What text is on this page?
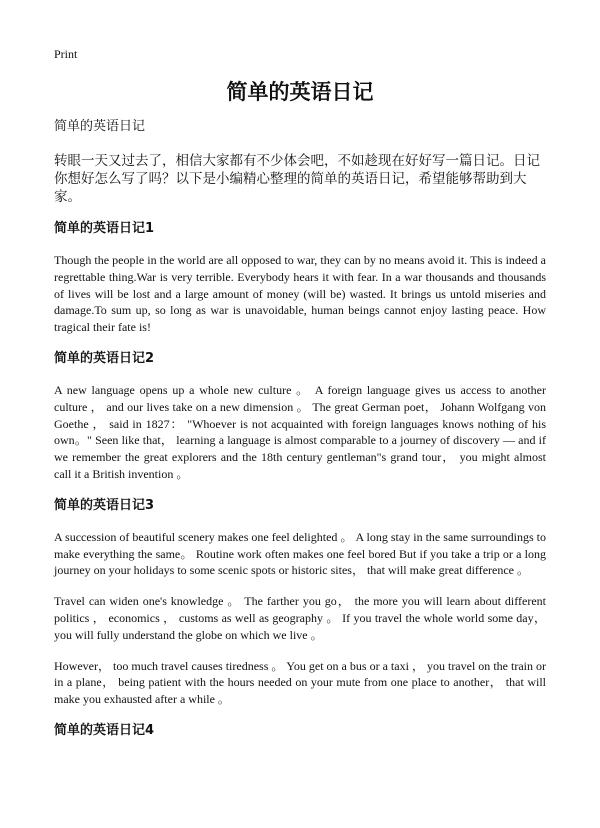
Print
简单的英语日记
简单的英语日记

转眼一天又过去了，相信大家都有不少体会吧，不如趁现在好好写一篇日记。日记你想好怎么写了吗？以下是小编精心整理的简单的英语日记，希望能够帮助到大家。

简单的英语日记1

Though the people in the world are all opposed to war, they can by no means avoid it. This is indeed a regrettable thing.War is very terrible. Everybody hears it with fear. In a war thousands and thousands of lives will be lost and a large amount of money (will be) wasted. It brings us untold miseries and damage.To sum up, so long as war is unavoidable, human beings cannot enjoy lasting peace. How tragical their fate is!

简单的英语日记2

A new language opens up a whole new culture 。 A foreign language gives us access to another culture ， and our lives take on a new dimension 。 The great German poet， Johann Wolfgang von Goethe ， said in 1827： "Whoever is not acquainted with foreign languages knows nothing of his own。" Seen like that， learning a language is almost comparable to a journey of discovery — and if we remember the great explorers and the 18th century gentleman"s grand tour， you might almost call it a British invention 。

简单的英语日记3

A succession of beautiful scenery makes one feel delighted 。 A long stay in the same surroundings to make everything the same。 Routine work often makes one feel bored But if you take a trip or a long journey on your holidays to some scenic spots or historic sites， that will make great difference 。

Travel can widen one's knowledge 。 The farther you go， the more you will learn about different politics ， economics ， customs as well as geography 。 If you travel the whole world some day， you will fully understand the globe on which we live 。

However， too much travel causes tiredness 。 You get on a bus or a taxi ， you travel on the train or in a plane， being patient with the hours needed on your mute from one place to another， that will make you exhausted after a while 。

简单的英语日记4
